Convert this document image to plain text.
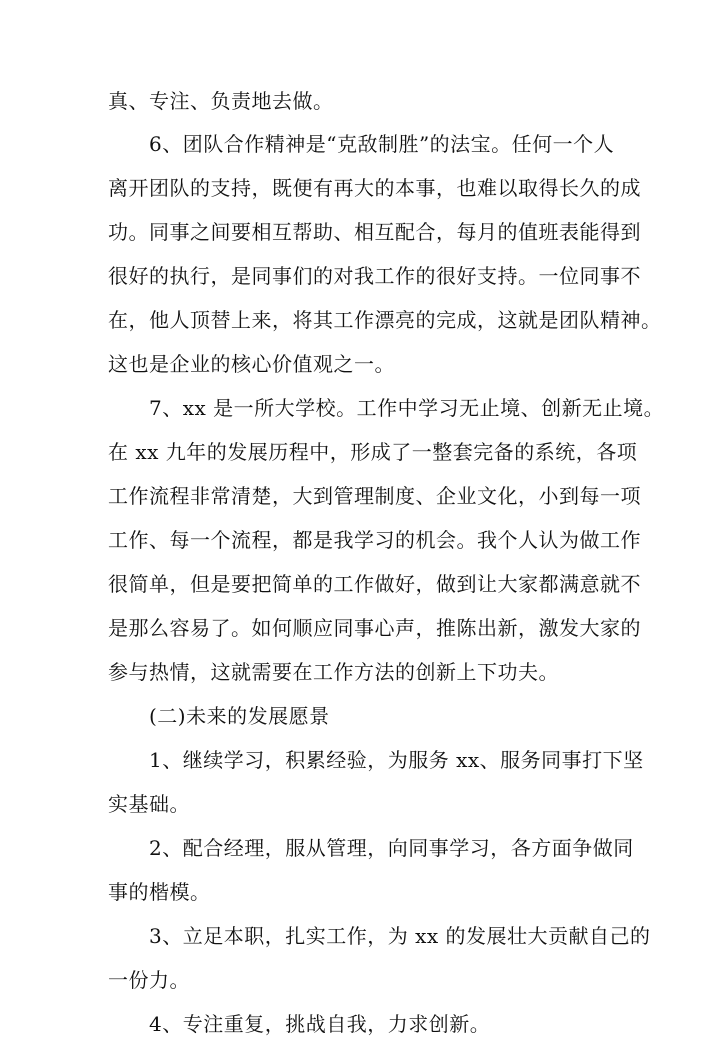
真、专注、负责地去做。

6、团队合作精神是“克敌制胜”的法宝。任何一个人
离开团队的支持，既便有再大的本事，也难以取得长久的成
功。同事之间要相互帮助、相互配合，每月的值班表能得到
很好的执行，是同事们的对我工作的很好支持。一位同事不
在，他人顶替上来，将其工作漂亮的完成，这就是团队精神。
这也是企业的核心价值观之一。

7、xx 是一所大学校。工作中学习无止境、创新无止境。
在 xx 九年的发展历程中，形成了一整套完备的系统，各项
工作流程非常清楚，大到管理制度、企业文化，小到每一项
工作、每一个流程，都是我学习的机会。我个人认为做工作
很简单，但是要把简单的工作做好，做到让大家都满意就不
是那么容易了。如何顺应同事心声，推陈出新，激发大家的
参与热情，这就需要在工作方法的创新上下功夫。

(二)未来的发展愿景

1、继续学习，积累经验，为服务 xx、服务同事打下坚
实基础。

2、配合经理，服从管理，向同事学习，各方面争做同
事的楷模。

3、立足本职，扎实工作，为 xx 的发展壮大贡献自己的
一份力。

4、专注重复，挑战自我，力求创新。
